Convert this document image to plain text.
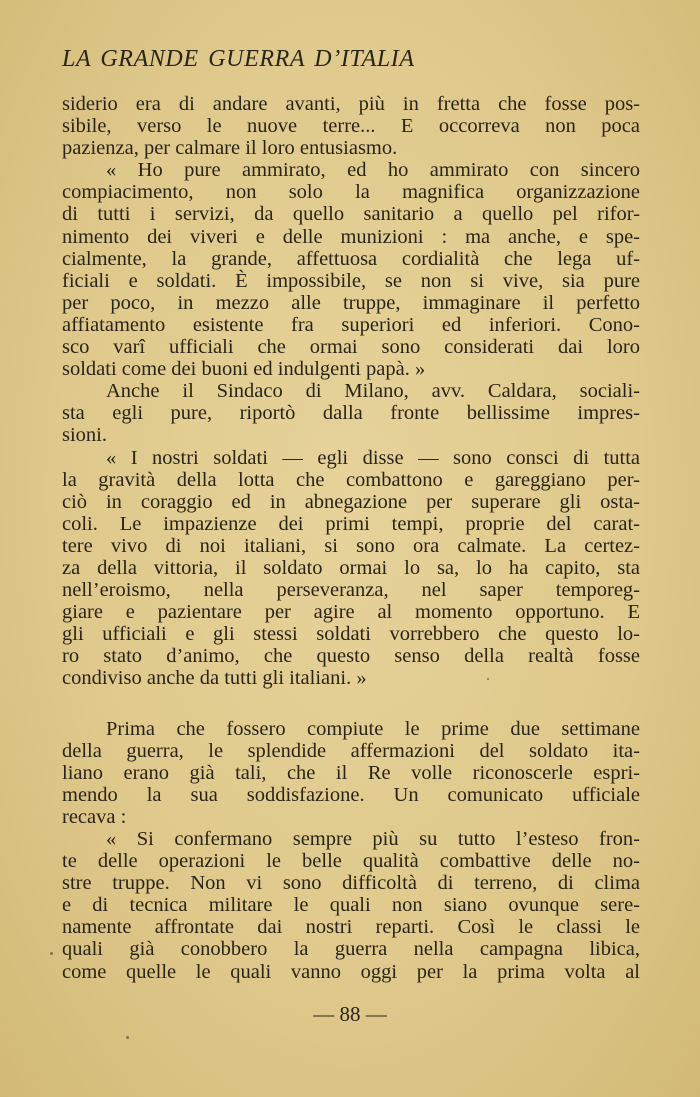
LA GRANDE GUERRA D’ITALIA
siderio era di andare avanti, più in fretta che fosse pos-
sibile, verso le nuove terre... E occorreva non poca
pazienza, per calmare il loro entusiasmo.
« Ho pure ammirato, ed ho ammirato con sincero
compiacimento, non solo la magnifica organizzazione
di tutti i servizi, da quello sanitario a quello pel rifor-
nimento dei viveri e delle munizioni : ma anche, e spe-
cialmente, la grande, affettuosa cordialità che lega uf-
ficiali e soldati. È impossibile, se non si vive, sia pure
per poco, in mezzo alle truppe, immaginare il perfetto
affiatamento esistente fra superiori ed inferiori. Cono-
sco varî ufficiali che ormai sono considerati dai loro
soldati come dei buoni ed indulgenti papà. »
Anche il Sindaco di Milano, avv. Caldara, sociali-
sta egli pure, riportò dalla fronte bellissime impres-
sioni.
« I nostri soldati — egli disse — sono consci di tutta
la gravità della lotta che combattono e gareggiano per-
ciò in coraggio ed in abnegazione per superare gli osta-
coli. Le impazienze dei primi tempi, proprie del carat-
tere vivo di noi italiani, si sono ora calmate. La certez-
za della vittoria, il soldato ormai lo sa, lo ha capito, sta
nell’eroismo, nella perseveranza, nel saper temporeg-
giare e pazientare per agire al momento opportuno. E
gli ufficiali e gli stessi soldati vorrebbero che questo lo-
ro stato d’animo, che questo senso della realtà fosse
condiviso anche da tutti gli italiani. »
Prima che fossero compiute le prime due settimane
della guerra, le splendide affermazioni del soldato ita-
liano erano già tali, che il Re volle riconoscerle espri-
mendo la sua soddisfazione. Un comunicato ufficiale
recava :
« Si confermano sempre più su tutto l’esteso fron-
te delle operazioni le belle qualità combattive delle no-
stre truppe. Non vi sono difficoltà di terreno, di clima
e di tecnica militare le quali non siano ovunque sere-
namente affrontate dai nostri reparti. Così le classi le
quali già conobbero la guerra nella campagna libica,
come quelle le quali vanno oggi per la prima volta al
— 88 —
